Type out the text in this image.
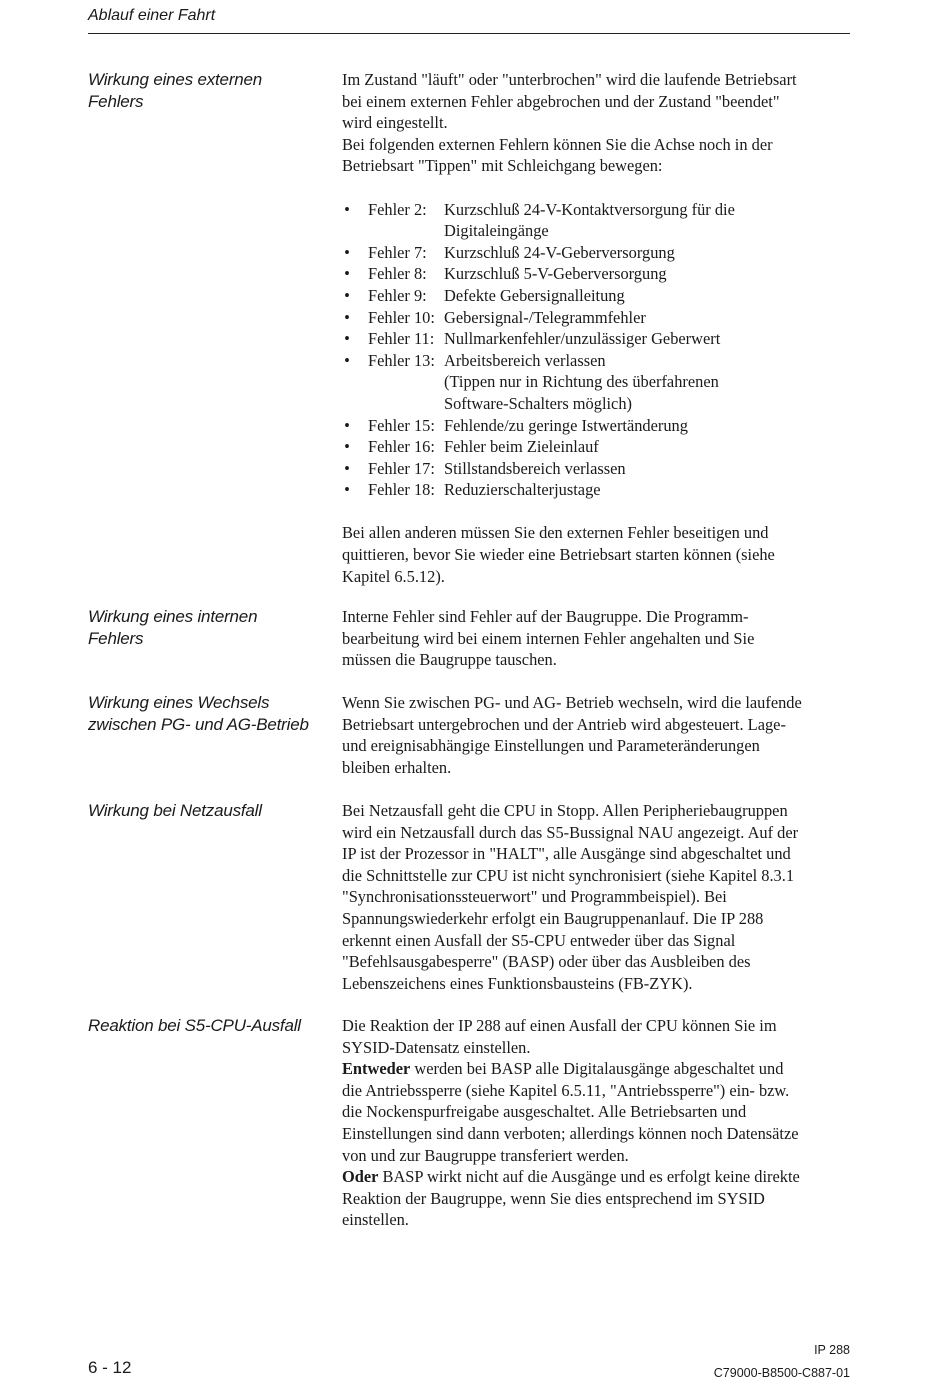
Ablauf einer Fahrt
Wirkung eines externen
Fehlers

Im Zustand "läuft" oder "unterbrochen" wird die laufende Betriebsart
bei einem externen Fehler abgebrochen und der Zustand "beendet"
wird eingestellt.

Bei folgenden externen Fehlern können Sie die Achse noch in der
Betriebsart "Tippen" mit Schleichgang bewegen:

• Fehler 2:	Kurzschluß 24-V-Kontaktversorgung für die
Digitaleingänge
• Fehler 7:	Kurzschluß 24-V-Geberversorgung
• Fehler 8:	Kurzschluß 5-V-Geberversorgung
• Fehler 9:	Defekte Gebersignalleitung
• Fehler 10: Gebersignal-/Telegrammfehler
• Fehler 11: Nullmarkenfehler/unzulässiger Geberwert
• Fehler 13: Arbeitsbereich verlassen
(Tippen nur in Richtung des überfahrenen
Software-Schalters möglich)
• Fehler 15: Fehlende/zu geringe Istwertänderung
• Fehler 16: Fehler beim Zieleinlauf
• Fehler 17: Stillstandsbereich verlassen
• Fehler 18: Reduzierschalterjustage

Bei allen anderen müssen Sie den externen Fehler beseitigen und
quittieren, bevor Sie wieder eine Betriebsart starten können (siehe
Kapitel 6.5.12).

Wirkung eines internen
Fehlers

Interne Fehler sind Fehler auf der Baugruppe. Die Programm-
bearbeitung wird bei einem internen Fehler angehalten und Sie
müssen die Baugruppe tauschen.

Wirkung eines Wechsels
zwischen PG- und AG-Betrieb

Wenn Sie zwischen PG- und AG- Betrieb wechseln, wird die laufende
Betriebsart untergebrochen und der Antrieb wird abgesteuert. Lage-
und ereignisabhängige Einstellungen und Parameteränderungen
bleiben erhalten.

Wirkung bei Netzausfall	Bei Netzausfall geht die CPU in Stopp. Allen Peripheriebaugruppen
wird ein Netzausfall durch das S5-Bussignal NAU angezeigt. Auf der
IP ist der Prozessor in "HALT", alle Ausgänge sind abgeschaltet und
die Schnittstelle zur CPU ist nicht synchronisiert (siehe Kapitel 8.3.1
"Synchronisationssteuerwort" und Programmbeispiel). Bei
Spannungswiederkehr erfolgt ein Baugruppenanlauf. Die IP 288
erkennt einen Ausfall der S5-CPU entweder über das Signal
"Befehlsausgabesperre" (BASP) oder über das Ausbleiben des
Lebenszeichens eines Funktionsbausteins (FB-ZYK).

Reaktion bei S5-CPU-Ausfall	Die Reaktion der IP 288 auf einen Ausfall der CPU können Sie im
SYSID-Datensatz einstellen.

Entweder werden bei BASP alle Digitalausgänge abgeschaltet und
die Antriebssperre (siehe Kapitel 6.5.11, "Antriebssperre") ein- bzw.
die Nockenspurfreigabe ausgeschaltet. Alle Betriebsarten und
Einstellungen sind dann verboten; allerdings können noch Datensätze
von und zur Baugruppe transferiert werden.

Oder BASP wirkt nicht auf die Ausgänge und es erfolgt keine direkte
Reaktion der Baugruppe, wenn Sie dies entsprechend im SYSID
einstellen.

6 - 12
IP 288
C79000-B8500-C887-01
